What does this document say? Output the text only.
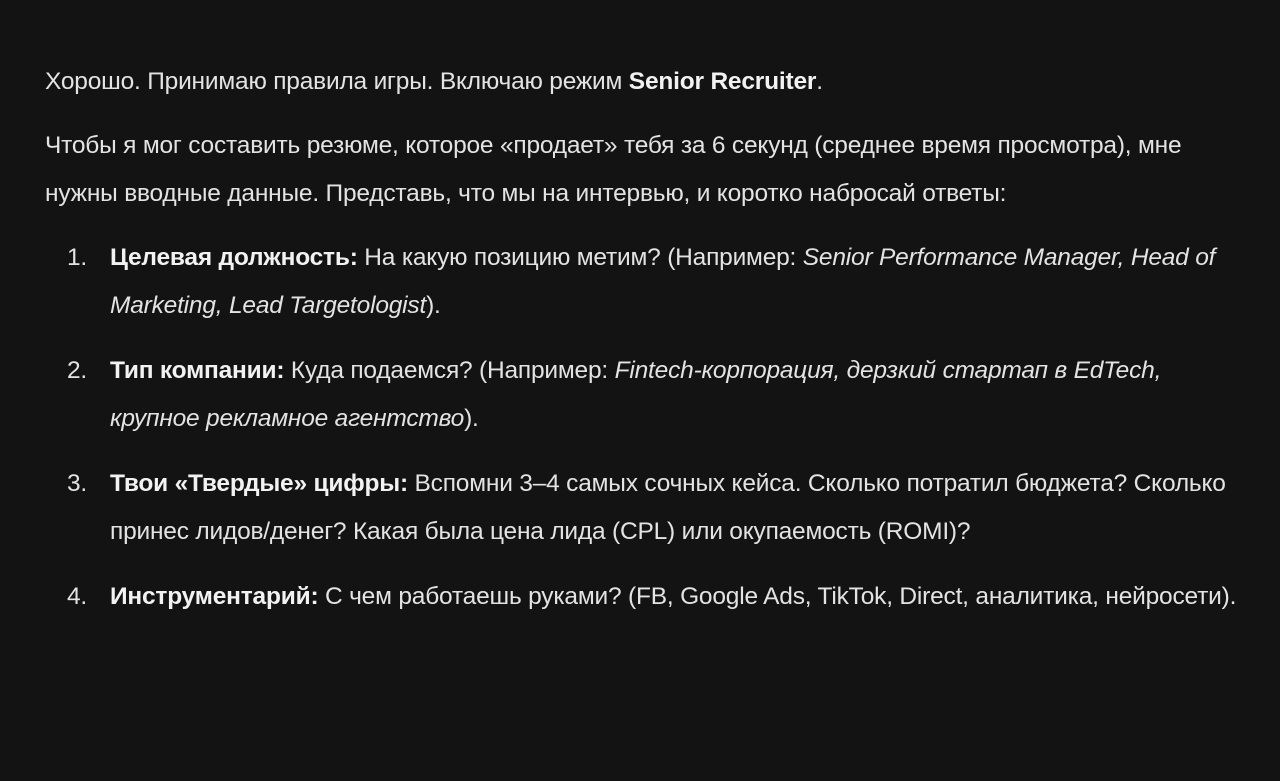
Хорошо. Принимаю правила игры. Включаю режим Senior Recruiter.

Чтобы я мог составить резюме, которое «продает» тебя за 6 секунд (среднее время просмотра), мне нужны вводные данные. Представь, что мы на интервью, и коротко набросай ответы:

1. Целевая должность: На какую позицию метим? (Например: Senior Performance Manager, Head of Marketing, Lead Targetologist).
2. Тип компании: Куда подаемся? (Например: Fintech-корпорация, дерзкий стартап в EdTech, крупное рекламное агентство).
3. Твои «Твердые» цифры: Вспомни 3–4 самых сочных кейса. Сколько потратил бюджета? Сколько принес лидов/денег? Какая была цена лида (CPL) или окупаемость (ROMI)?
4. Инструментарий: С чем работаешь руками? (FB, Google Ads, TikTok, Direct, аналитика, нейросети).
